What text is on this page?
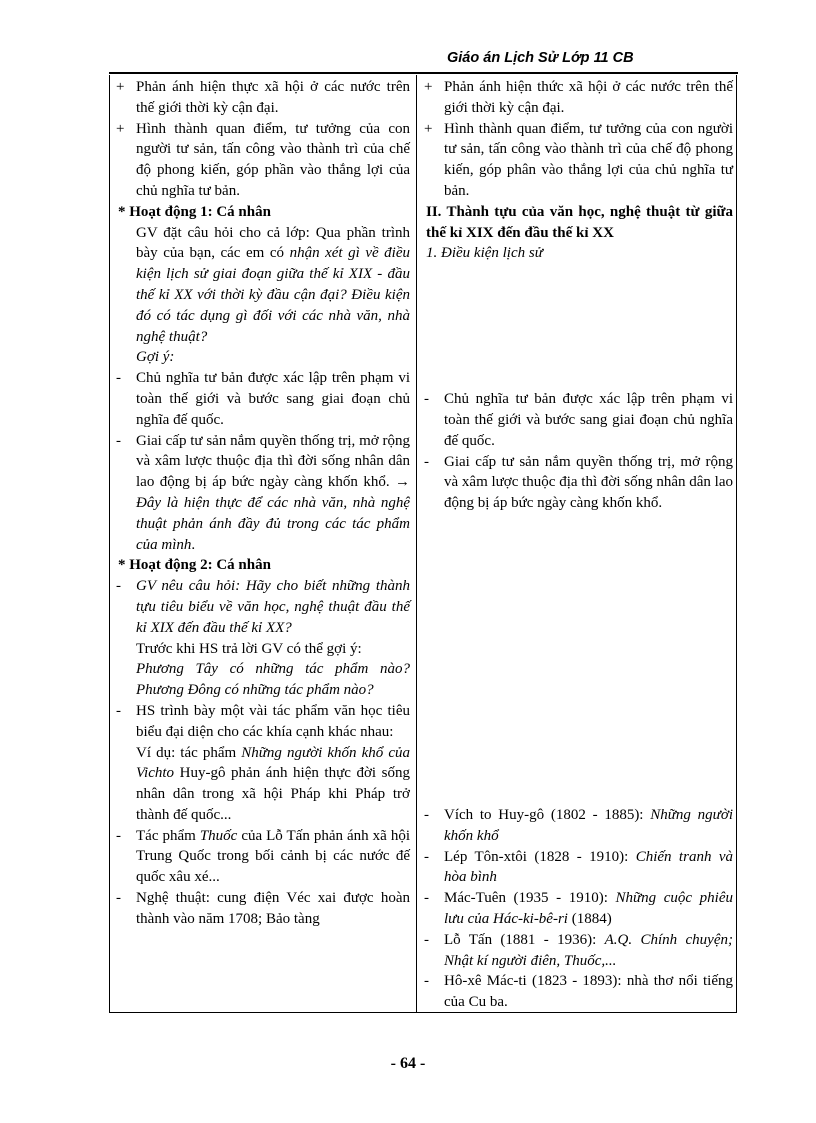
Giáo án Lịch Sử Lớp 11 CB
+ Phản ánh hiện thực xã hội ở các nước trên thế giới thời kỳ cận đại.
+ Hình thành quan điểm, tư tưởng của con người tư sản, tấn công vào thành trì của chế độ phong kiến, góp phần vào thắng lợi của chủ nghĩa tư bản.
* Hoạt động 1: Cá nhân
GV đặt câu hỏi cho cả lớp: Qua phần trình bày của bạn, các em có nhận xét gì về điều kiện lịch sử giai đoạn giữa thế kỉ XIX - đầu thế kỉ XX với thời kỳ đầu cận đại? Điều kiện đó có tác dụng gì đối với các nhà văn, nhà nghệ thuật?
Gợi ý:
- Chủ nghĩa tư bản được xác lập trên phạm vi toàn thế giới và bước sang giai đoạn chủ nghĩa đế quốc.
- Giai cấp tư sản nắm quyền thống trị, mở rộng và xâm lược thuộc địa thì đời sống nhân dân lao động bị áp bức ngày càng khốn khổ. → Đây là hiện thực để các nhà văn, nhà nghệ thuật phản ánh đầy đủ trong các tác phẩm của mình.
* Hoạt động 2: Cá nhân
- GV nêu câu hỏi: Hãy cho biết những thành tựu tiêu biểu về văn học, nghệ thuật đầu thế kỉ XIX đến đầu thế kỉ XX?
Trước khi HS trả lời GV có thể gợi ý:
Phương Tây có những tác phẩm nào? Phương Đông có những tác phẩm nào?
- HS trình bày một vài tác phẩm văn học tiêu biểu đại diện cho các khía cạnh khác nhau:
Ví dụ: tác phẩm Những người khốn khổ của Vichto Huy-gô phản ánh hiện thực đời sống nhân dân trong xã hội Pháp khi Pháp trở thành đế quốc...
- Tác phẩm Thuốc của Lỗ Tấn phản ánh xã hội Trung Quốc trong bối cảnh bị các nước đế quốc xâu xé...
- Nghệ thuật: cung điện Véc xai được hoàn thành vào năm 1708; Bảo tàng
+ Phản ánh hiện thức xã hội ở các nước trên thế giới thời kỳ cận đại.
+ Hình thành quan điểm, tư tưởng của con người tư sản, tấn công vào thành trì của chế độ phong kiến, góp phân vào thắng lợi của chủ nghĩa tư bản.
II. Thành tựu của văn học, nghệ thuật từ giữa thế kỉ XIX đến đầu thế kỉ XX
1. Điều kiện lịch sử
- Chủ nghĩa tư bản được xác lập trên phạm vi toàn thế giới và bước sang giai đoạn chủ nghĩa đế quốc.
- Giai cấp tư sản nắm quyền thống trị, mở rộng và xâm lược thuộc địa thì đời sống nhân dân lao động bị áp bức ngày càng khốn khổ.
- Vích to Huy-gô (1802 - 1885): Những người khốn khổ
- Lép Tôn-xtôi (1828 - 1910): Chiến tranh và hòa bình
- Mác-Tuên (1935 - 1910): Những cuộc phiêu lưu của Hác-ki-bê-ri (1884)
- Lỗ Tấn (1881 - 1936): A.Q. Chính chuyện; Nhật kí người điên, Thuốc,...
- Hô-xê Mác-ti (1823 - 1893): nhà thơ nổi tiếng của Cu ba.
- 64 -
